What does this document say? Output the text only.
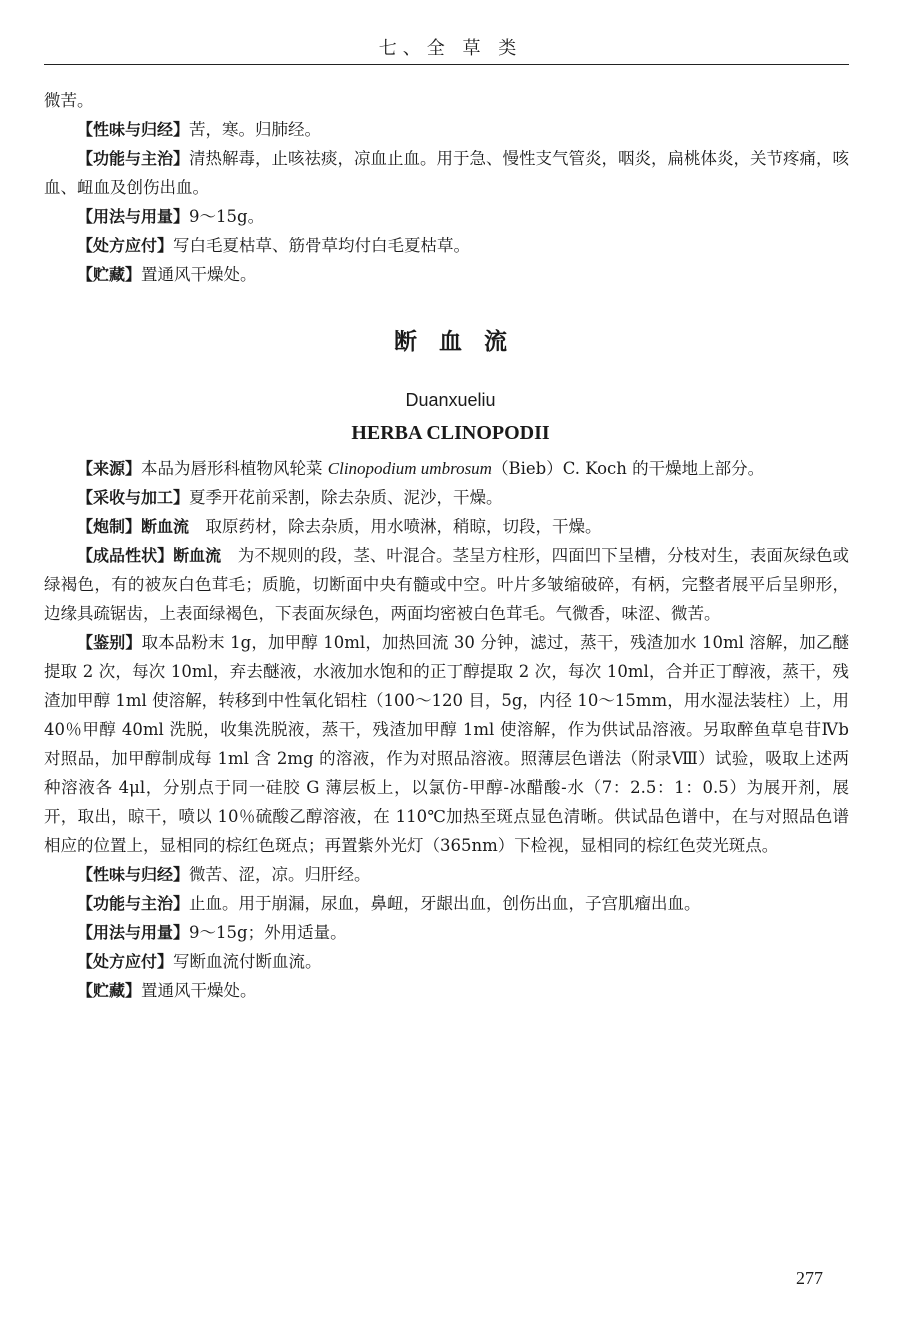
七、全 草 类

微苦。

【性味与归经】苦，寒。归肺经。

【功能与主治】清热解毒，止咳祛痰，凉血止血。用于急、慢性支气管炎，咽炎，扁桃体炎，关节疼痛，咳血、衄血及创伤出血。

【用法与用量】9～15g。

【处方应付】写白毛夏枯草、筋骨草均付白毛夏枯草。

【贮藏】置通风干燥处。

断血流
Duanxueliu
HERBA CLINOPODII

【来源】本品为唇形科植物风轮菜 Clinopodium umbrosum（Bieb）C. Koch 的干燥地上部分。

【采收与加工】夏季开花前采割，除去杂质、泥沙，干燥。

【炮制】断血流　取原药材，除去杂质，用水喷淋，稍晾，切段，干燥。

【成品性状】断血流　为不规则的段，茎、叶混合。茎呈方柱形，四面凹下呈槽，分枝对生，表面灰绿色或绿褐色，有的被灰白色茸毛；质脆，切断面中央有髓或中空。叶片多皱缩破碎，有柄，完整者展平后呈卵形，边缘具疏锯齿，上表面绿褐色，下表面灰绿色，两面均密被白色茸毛。气微香，味涩、微苦。

【鉴别】取本品粉末 1g，加甲醇 10ml，加热回流 30 分钟，滤过，蒸干，残渣加水 10ml 溶解，加乙醚提取 2 次，每次 10ml，弃去醚液，水液加水饱和的正丁醇提取 2 次，每次 10ml，合并正丁醇液，蒸干，残渣加甲醇 1ml 使溶解，转移到中性氧化铝柱（100～120 目，5g，内径 10～15mm，用水湿法装柱）上，用 40％甲醇 40ml 洗脱，收集洗脱液，蒸干，残渣加甲醇 1ml 使溶解，作为供试品溶液。另取醉鱼草皂苷Ⅳb 对照品，加甲醇制成每 1ml 含 2mg 的溶液，作为对照品溶液。照薄层色谱法（附录Ⅷ）试验，吸取上述两种溶液各 4μl，分别点于同一硅胶 G 薄层板上，以氯仿-甲醇-冰醋酸-水（7：2.5：1：0.5）为展开剂，展开，取出，晾干，喷以 10％硫酸乙醇溶液，在 110℃加热至斑点显色清晰。供试品色谱中，在与对照品色谱相应的位置上，显相同的棕红色斑点；再置紫外光灯（365nm）下检视，显相同的棕红色荧光斑点。

【性味与归经】微苦、涩，凉。归肝经。

【功能与主治】止血。用于崩漏，尿血，鼻衄，牙龈出血，创伤出血，子宫肌瘤出血。

【用法与用量】9～15g；外用适量。

【处方应付】写断血流付断血流。

【贮藏】置通风干燥处。

277
